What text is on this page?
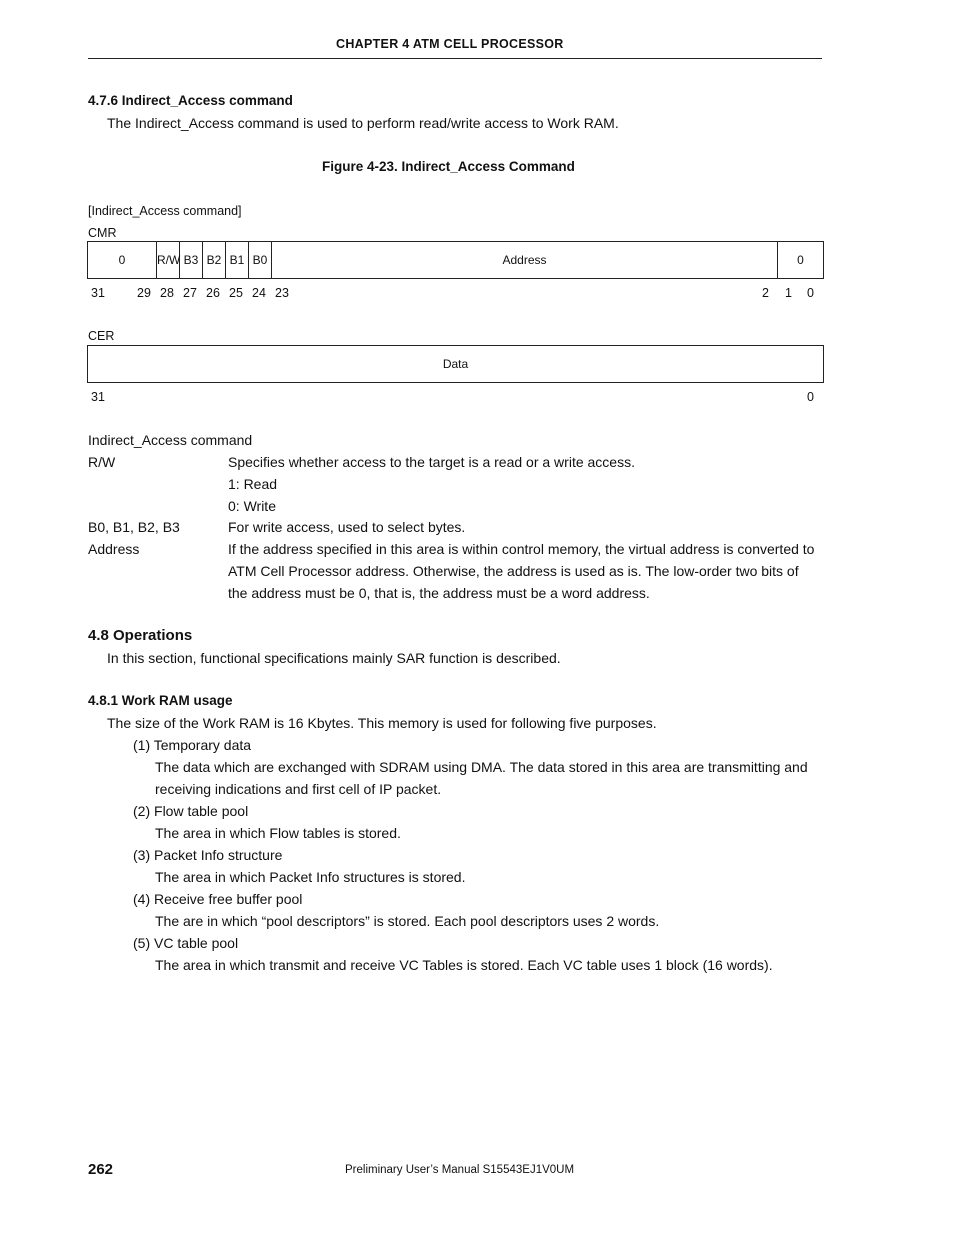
CHAPTER 4 ATM CELL PROCESSOR
4.7.6 Indirect_Access command
The Indirect_Access command is used to perform read/write access to Work RAM.
Figure 4-23. Indirect_Access Command
[Indirect_Access command]
CMR
0	R/W B3 B2 B1 B0	Address	0
31	29 28 27 26 25 24 23	2 1 0
CER
Data
31	0
Indirect_Access command
R/W	Specifies whether access to the target is a read or a write access.
1: Read
0: Write
B0, B1, B2, B3	For write access, used to select bytes.
Address	If the address specified in this area is within control memory, the virtual address is converted to
ATM Cell Processor address. Otherwise, the address is used as is. The low-order two bits of
the address must be 0, that is, the address must be a word address.
4.8 Operations
In this section, functional specifications mainly SAR function is described.
4.8.1 Work RAM usage
The size of the Work RAM is 16 Kbytes. This memory is used for following five purposes.
(1) Temporary data
The data which are exchanged with SDRAM using DMA. The data stored in this area are transmitting and
receiving indications and first cell of IP packet.
(2) Flow table pool
The area in which Flow tables is stored.
(3) Packet Info structure
The area in which Packet Info structures is stored.
(4) Receive free buffer pool
The are in which “pool descriptors” is stored. Each pool descriptors uses 2 words.
(5) VC table pool
The area in which transmit and receive VC Tables is stored. Each VC table uses 1 block (16 words).
262	Preliminary User’s Manual S15543EJ1V0UM
